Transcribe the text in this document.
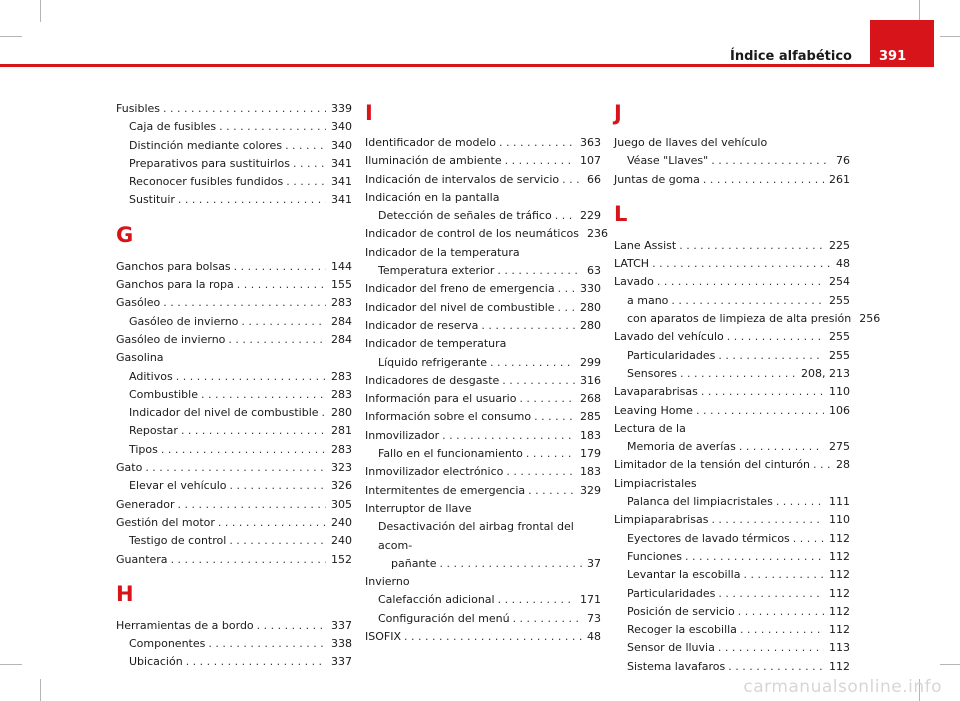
Índice alfabético 391
Fusibles . . .	339
Caja de fusibles . . .	340
Distinción mediante colores . . .	340
Preparativos para sustituirlos . . .	341
Reconocer fusibles fundidos . . .	341
Sustituir . . .	341
G
Ganchos para bolsas . . .	144
Ganchos para la ropa . . .	155
Gasóleo . . .	283
Gasóleo de invierno . . .	284
Gasóleo de invierno . . .	284
Gasolina
Aditivos . . .	283
Combustible . . .	283
Indicador del nivel de combustible . . . 280
Repostar . . .	281
Tipos . . .	283
Gato . . .	323
Elevar el vehículo . . .	326
Generador . . .	305
Gestión del motor . . .	240
Testigo de control . . .	240
Guantera . . .	152
H
Herramientas de a bordo . . .	337
Componentes . . .	338
Ubicación . . .	337
I
Identificador de modelo . . .	363
Iluminación de ambiente . . .	107
Indicación de intervalos de servicio . . .	66
Indicación en la pantalla
Detección de señales de tráfico . . .	229
Indicador de control de los neumáticos 236
Indicador de la temperatura
Temperatura exterior . . .	63
Indicador del freno de emergencia . . . 330
Indicador del nivel de combustible . . . 280
Indicador de reserva . . .	280
Indicador de temperatura
Líquido refrigerante . . .	299
Indicadores de desgaste . . .	316
Información para el usuario . . .	268
Información sobre el consumo . . .	285
Inmovilizador . . .	183
Fallo en el funcionamiento . . .	179
Inmovilizador electrónico . . .	183
Intermitentes de emergencia . . .	329
Interruptor de llave
Desactivación del airbag frontal del acom-
pañante . . .	37
Invierno
Calefacción adicional . . .	171
Configuración del menú . . .	73
ISOFIX . . .	48
J
Juego de llaves del vehículo
Véase "Llaves" . . .	76
Juntas de goma . . .	261
L
Lane Assist . . .	225
LATCH . . .	48
Lavado . . .	254
a mano . . .	255
con aparatos de limpieza de alta presión 256
Lavado del vehículo . . .	255
Particularidades . . .	255
Sensores . . .	208, 213
Lavaparabrisas . . .	110
Leaving Home . . .	106
Lectura de la
Memoria de averías . . .	275
Limitador de la tensión del cinturón . . . 28
Limpiacristales
Palanca del limpiacristales . . .	111
Limpiaparabrisas . . .	110
Eyectores de lavado térmicos . . .	112
Funciones . . .	112
Levantar la escobilla . . .	112
Particularidades . . .	112
Posición de servicio . . .	112
Recoger la escobilla . . .	112
Sensor de lluvia . . .	113
Sistema lavafaros . . .	112
carmanualsonline.info
